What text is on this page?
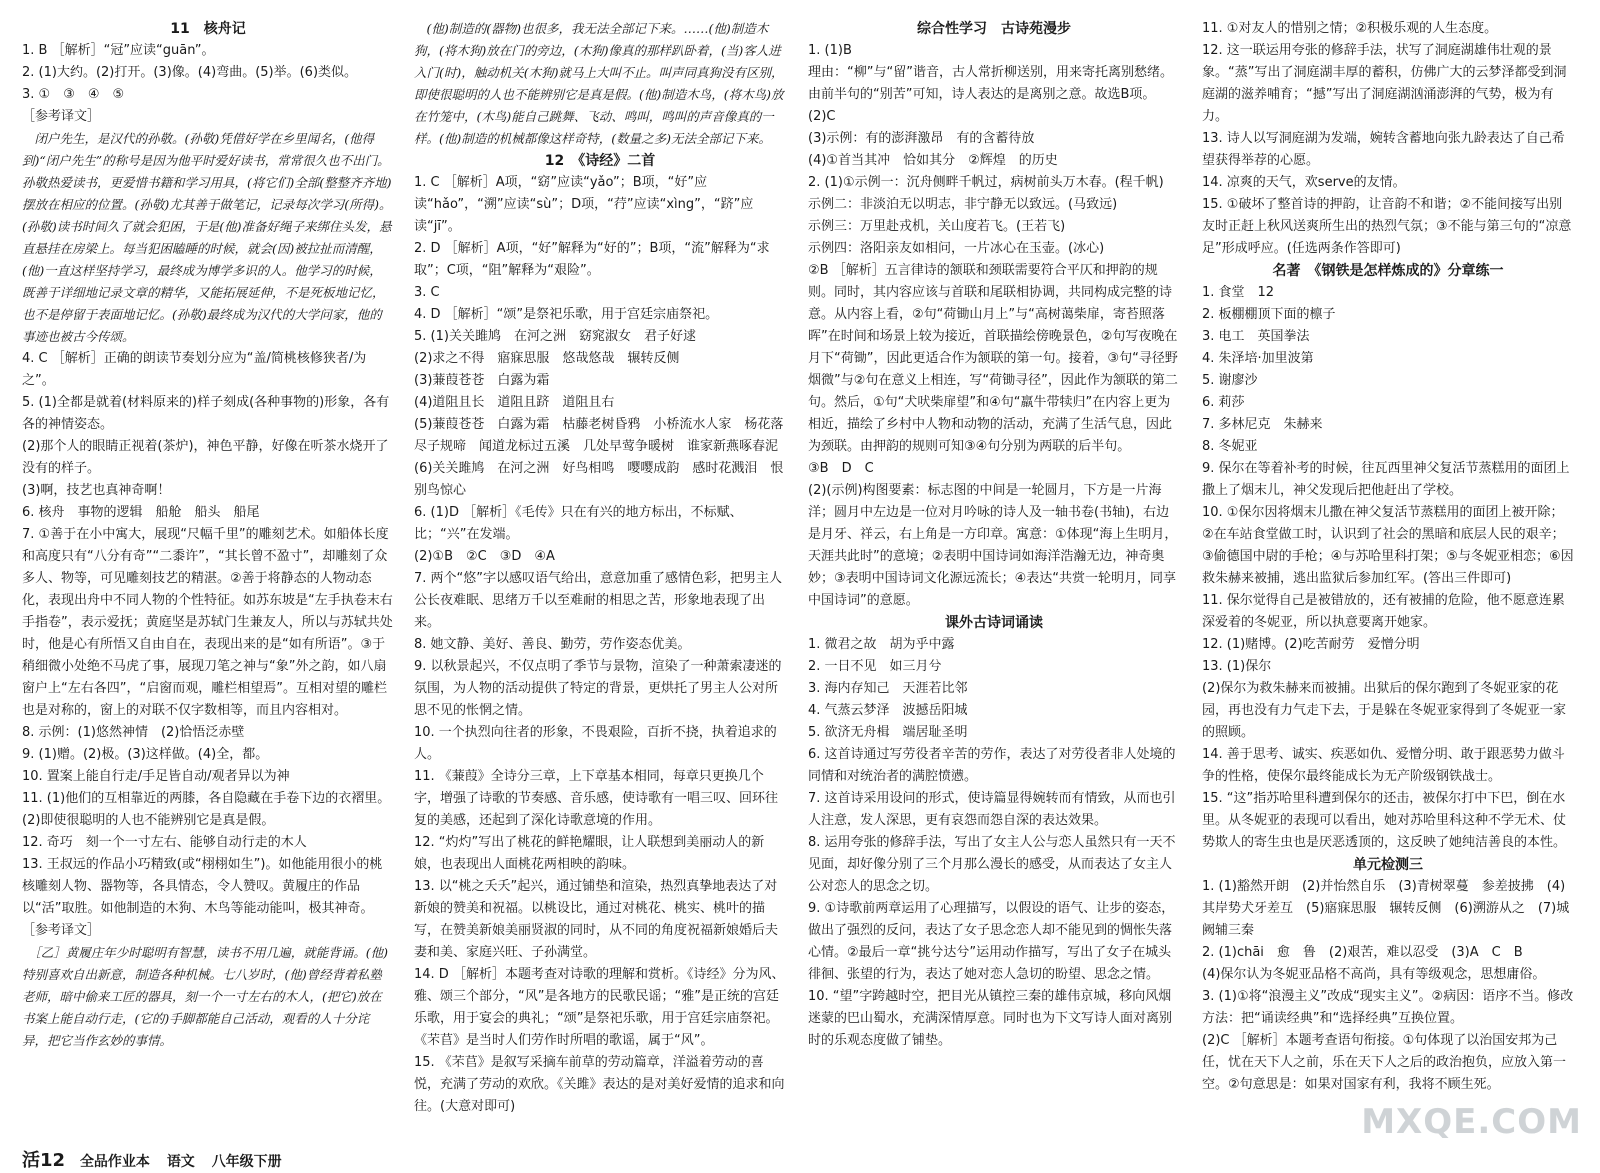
11　核舟记

1. B ［解析］“冠”应读“guān”。

2. (1)大约。(2)打开。(3)像。(4)弯曲。(5)举。(6)类似。

3. ①　③　④　⑤

［参考译文］

　闭户先生，是汉代的孙敬。(孙敬)凭借好学在乡里闻名，(他得到)“闭户先生”的称号是因为他平时爱好读书，常常很久也不出门。孙敬热爱读书，更爱惜书籍和学习用具，(将它们)全部(整整齐齐地)摆放在相应的位置。(孙敬)尤其善于做笔记，记录每次学习(所得)。(孙敬)读书时间久了就会犯困，于是(他)准备好绳子来绑住头发，悬直悬挂在房梁上。每当犯困瞌睡的时候，就会(因)被拉扯而清醒，(他)一直这样坚持学习，最终成为博学多识的人。他学习的时候，既善于详细地记录文章的精华，又能拓展延伸，不是死板地记忆，也不是停留于表面地记忆。(孙敬)最终成为汉代的大学问家，他的事迹也被古今传颂。

4. C ［解析］正确的朗读节奏划分应为“盖/简桃核修狭者/为之”。

5. (1)全都是就着(材料原来的)样子刻成(各种事物的)形象，各有各的神情姿态。

(2)那个人的眼睛正视着(茶炉)，神色平静，好像在听茶水烧开了没有的样子。

(3)啊，技艺也真神奇啊！

6. 核舟　事物的逻辑　船舱　船头　船尾

7. ①善于在小中寓大，展现“尺幅千里”的雕刻艺术。如船体长度和高度只有“八分有奇”“二黍许”，“其长曾不盈寸”，却雕刻了众多人、物等，可见雕刻技艺的精湛。②善于将静态的人物动态化，表现出舟中不同人物的个性特征。如苏东坡是“左手执卷末右手指卷”，表示爱抚；黄庭坚是苏轼门生兼友人，所以与苏轼共处时，他是心有所悟又自由自在，表现出来的是“如有所语”。③于稍细微小处绝不马虎了事，展现刀笔之神与“象”外之韵，如八扇窗户上“左右各四”，“启窗而观，雕栏相望焉”。互相对望的雕栏也是对称的，窗上的对联不仅字数相等，而且内容相对。

8. 示例：(1)悠然神情　(2)恰悟泛赤壁

9. (1)赠。(2)极。(3)这样做。(4)全，都。

10. 置案上能自行走/手足皆自动/观者异以为神

11. (1)他们的互相靠近的两膝，各自隐藏在手卷下边的衣褶里。

(2)即使很聪明的人也不能辨别它是真是假。

12. 奇巧　刻一个一寸左右、能够自动行走的木人

13. 王叔远的作品小巧精致(或“栩栩如生”)。如他能用很小的桃核雕刻人物、器物等，各具情态，令人赞叹。黄履庄的作品以“活”取胜。如他制造的木狗、木鸟等能动能叫，极其神奇。

［参考译文］

　［乙］黄履庄年少时聪明有智慧，读书不用几遍，就能背诵。(他)特别喜欢自出新意，制造各种机械。七八岁时，(他)曾经背着私塾老师，暗中偷来工匠的器具，刻一个一寸左右的木人，(把它)放在书案上能自动行走，(它的)手脚都能自己活动，观看的人十分诧异，把它当作玄妙的事情。

　(他)制造的(器物)也很多，我无法全部记下来。……(他)制造木狗，(将木狗)放在门的旁边，(木狗)像真的那样趴卧着，(当)客人进入门(时)，触动机关(木狗)就马上大叫不止。叫声同真狗没有区别，即使很聪明的人也不能辨别它是真是假。(他)制造木鸟，(将木鸟)放在竹笼中，(木鸟)能自己跳舞、飞动、鸣叫，鸣叫的声音像真的一样。(他)制造的机械都像这样奇特，(数量之多)无法全部记下来。

12　《诗经》二首

1. C ［解析］A项，“窈”应读“yǎo”；B项，“好”应读“hǎo”，“溯”应读“sù”；D项，“荇”应读“xìng”，“跻”应读“jī”。

2. D ［解析］A项，“好”解释为“好的”；B项，“流”解释为“求取”；C项，“阻”解释为“艰险”。

3. C

4. D ［解析］“颂”是祭祀乐歌，用于宫廷宗庙祭祀。

5. (1)关关雎鸠　在河之洲　窈窕淑女　君子好逑

(2)求之不得　寤寐思服　悠哉悠哉　辗转反侧

(3)蒹葭苍苍　白露为霜

(4)道阻且长　道阻且跻　道阻且右

(5)蒹葭苍苍　白露为霜　枯藤老树昏鸦　小桥流水人家　杨花落尽子规啼　闻道龙标过五溪　几处早莺争暖树　谁家新燕啄春泥

(6)关关雎鸠　在河之洲　好鸟相鸣　嘤嘤成韵　感时花溅泪　恨别鸟惊心

6. (1)D ［解析］《毛传》只在有兴的地方标出，不标赋、比；“兴”在发端。

(2)①B　②C　③D　④A

7. 两个“悠”字以感叹语气给出，意意加重了感情色彩，把男主人公长夜难眠、思绪万千以至难耐的相思之苦，形象地表现了出来。

8. 她文静、美好、善良、勤劳，劳作姿态优美。

9. 以秋景起兴，不仅点明了季节与景物，渲染了一种萧索凄迷的氛围，为人物的活动提供了特定的背景，更烘托了男主人公对所思不见的怅惘之情。

10. 一个执烈向往者的形象，不畏艰险，百折不挠，执着追求的人。

11. 《蒹葭》全诗分三章，上下章基本相同，每章只更换几个字，增强了诗歌的节奏感、音乐感，使诗歌有一唱三叹、回环往复的美感，还起到了深化诗歌意境的作用。

12. “灼灼”写出了桃花的鲜艳耀眼，让人联想到美丽动人的新娘，也表现出人面桃花两相映的韵味。

13. 以“桃之夭夭”起兴，通过铺垫和渲染，热烈真挚地表达了对新娘的赞美和祝福。以桃设比，通过对桃花、桃实、桃叶的描写，在赞美新娘美丽贤淑的同时，从不同的角度祝福新娘婚后夫妻和美、家庭兴旺、子孙满堂。

14. D ［解析］本题考查对诗歌的理解和赏析。《诗经》分为风、雅、颂三个部分，“风”是各地方的民歌民谣；“雅”是正统的宫廷乐歌，用于宴会的典礼；“颂”是祭祀乐歌，用于宫廷宗庙祭祀。《芣苢》是当时人们劳作时所唱的歌谣，属于“风”。

15. 《芣苢》是叙写采摘车前草的劳动篇章，洋溢着劳动的喜悦，充满了劳动的欢欣。《关雎》表达的是对美好爱情的追求和向往。(大意对即可)

综合性学习　古诗苑漫步

1. (1)B

理由：“柳”与“留”谐音，古人常折柳送别，用来寄托离别愁绪。由前半句的“别苦”可知，诗人表达的是离别之意。故选B项。

(2)C

(3)示例：有的澎湃激昂　有的含蓄待放

(4)①首当其冲　恰如其分　②辉煌　的历史

2. (1)①示例一：沉舟侧畔千帆过，病树前头万木春。(程千帆)

示例二：非淡泊无以明志，非宁静无以致远。(马致远)

示例三：万里赴戎机，关山度若飞。(王若飞)

示例四：洛阳亲友如相问，一片冰心在玉壶。(冰心)

②B ［解析］五言律诗的颔联和颈联需要符合平仄和押韵的规则。同时，其内容应该与首联和尾联相协调，共同构成完整的诗意。从内容上看，②句“荷锄山月上”与“高树蔼柴扉，寄苔照落晖”在时间和场景上较为接近，首联描绘傍晚景色，②句写夜晚在月下“荷锄”，因此更适合作为颔联的第一句。接着，③句“寻径野烟微”与②句在意义上相连，写“荷锄寻径”，因此作为颔联的第二句。然后，①句“犬吠柴扉望”和④句“羸牛带犊归”在内容上更为相近，描绘了乡村中人物和动物的活动，充满了生活气息，因此为颈联。由押韵的规则可知③④句分别为两联的后半句。

③B　D　C

(2)(示例)构图要素：标志图的中间是一轮圆月，下方是一片海洋；圆月中左边是一位对月吟咏的诗人及一轴书卷(书轴)，右边是月牙、祥云，右上角是一方印章。寓意：①体现“海上生明月，天涯共此时”的意境；②表明中国诗词如海洋浩瀚无边，神奇奥妙；③表明中国诗词文化源远流长；④表达“共赏一轮明月，同享中国诗词”的意愿。

课外古诗词诵读

1. 微君之故　胡为乎中露

2. 一日不见　如三月兮

3. 海内存知己　天涯若比邻

4. 气蒸云梦泽　波撼岳阳城

5. 欲济无舟楫　端居耻圣明

6. 这首诗通过写劳役者辛苦的劳作，表达了对劳役者非人处境的同情和对统治者的满腔愤懑。

7. 这首诗采用设问的形式，使诗篇显得婉转而有情致，从而也引人注意，发人深思，更有哀怨而怨自深的表达效果。

8. 运用夸张的修辞手法，写出了女主人公与恋人虽然只有一天不见面，却好像分别了三个月那么漫长的感受，从而表达了女主人公对恋人的思念之切。

9. ①诗歌前两章运用了心理描写，以假设的语气、让步的姿态，做出了强烈的反问，表达了女子思念恋人却不能见到的惆怅失落心情。②最后一章“挑兮达兮”运用动作描写，写出了女子在城头徘徊、张望的行为，表达了她对恋人急切的盼望、思念之情。

10. “望”字跨越时空，把目光从镇控三秦的雄伟京城，移向风烟迷蒙的巴山蜀水，充满深情厚意。同时也为下文写诗人面对离别时的乐观态度做了铺垫。

11. ①对友人的惜别之情；②积极乐观的人生态度。

12. 这一联运用夸张的修辞手法，状写了洞庭湖雄伟壮观的景象。“蒸”写出了洞庭湖丰厚的蓄积，仿佛广大的云梦泽都受到洞庭湖的滋养哺育；“撼”写出了洞庭湖汹涌澎湃的气势，极为有力。

13. 诗人以写洞庭湖为发端，婉转含蓄地向张九龄表达了自己希望获得举荐的心愿。

14. 凉爽的天气，欢serve的友情。

15. ①破坏了整首诗的押韵，让音韵不和谐；②不能间接写出别友时正赶上秋风送爽所生出的热烈气氛；③不能与第三句的“凉意足”形成呼应。(任选两条作答即可)

名著　《钢铁是怎样炼成的》分章练一

1. 食堂　12

2. 板棚棚顶下面的檩子

3. 电工　英国拳法

4. 朱泽培·加里波第

5. 谢廖沙

6. 莉莎

7. 多林尼克　朱赫来

8. 冬妮亚

9. 保尔在等着补考的时候，往瓦西里神父复活节蒸糕用的面团上撒上了烟末儿，神父发现后把他赶出了学校。

10. ①保尔因将烟末儿撒在神父复活节蒸糕用的面团上被开除；②在车站食堂做工时，认识到了社会的黑暗和底层人民的艰辛；③偷德国中尉的手枪；④与苏哈里科打架；⑤与冬妮亚相恋；⑥因救朱赫来被捕，逃出监狱后参加红军。(答出三件即可)

11. 保尔觉得自己是被错放的，还有被捕的危险，他不愿意连累深爱着的冬妮亚，所以执意要离开她家。

12. (1)赌博。(2)吃苦耐劳　爱憎分明

13. (1)保尔

(2)保尔为救朱赫来而被捕。出狱后的保尔跑到了冬妮亚家的花园，再也没有力气走下去，于是躲在冬妮亚家得到了冬妮亚一家的照顾。

14. 善于思考、诚实、疾恶如仇、爱憎分明、敢于跟恶势力做斗争的性格，使保尔最终能成长为无产阶级钢铁战士。

15. “这”指苏哈里科遭到保尔的还击，被保尔打中下巴，倒在水里。从冬妮亚的表现可以看出，她对苏哈里科这种不学无术、仗势欺人的寄生虫也是厌恶透顶的，这反映了她纯洁善良的本性。

单元检测三

1. (1)豁然开朗　(2)并怡然自乐　(3)青树翠蔓　参差披拂　(4)其岸势犬牙差互　(5)寤寐思服　辗转反侧　(6)溯游从之　(7)城阙辅三秦

2. (1)chāi　愈　鲁　(2)艰苦，难以忍受　(3)A　C　B

(4)保尔认为冬妮亚品格不高尚，具有等级观念，思想庸俗。

3. (1)①将“浪漫主义”改成“现实主义”。②病因：语序不当。修改方法：把“诵读经典”和“选择经典”互换位置。

(2)C ［解析］本题考查语句衔接。①句体现了以治国安邦为己任，忧在天下人之前，乐在天下人之后的政治抱负，应放入第一空。②句意思是：如果对国家有利，我将不顾生死。

活12 全品作业本 语文 八年级下册
MXQE.COM
